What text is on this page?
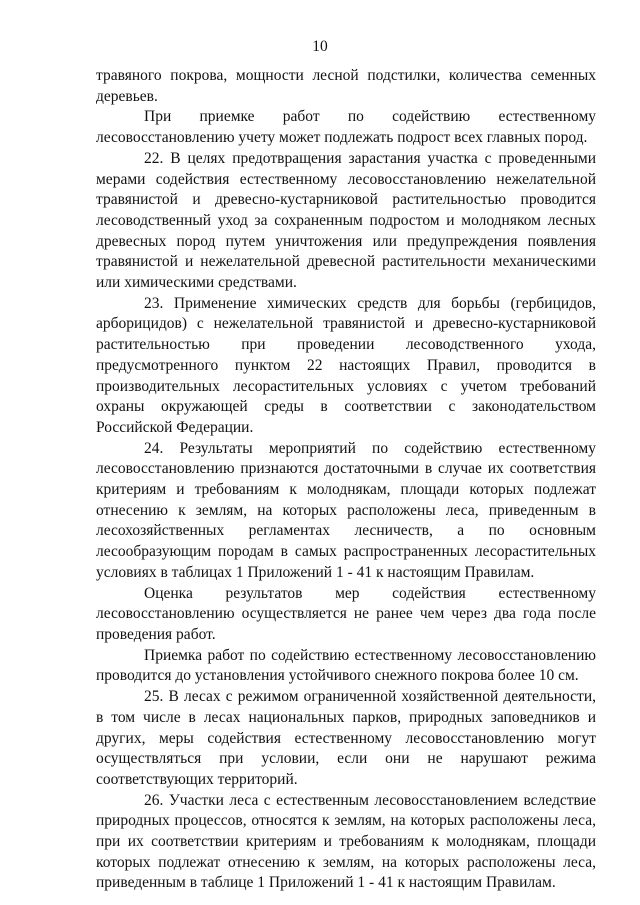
10

травяного покрова, мощности лесной подстилки, количества семенных деревьев.

При приемке работ по содействию естественному лесовосстановлению учету может подлежать подрост всех главных пород.

22. В целях предотвращения зарастания участка с проведенными мерами содействия естественному лесовосстановлению нежелательной травянистой и древесно-кустарниковой растительностью проводится лесоводственный уход за сохраненным подростом и молодняком лесных древесных пород путем уничтожения или предупреждения появления травянистой и нежелательной древесной растительности механическими или химическими средствами.

23. Применение химических средств для борьбы (гербицидов, арборицидов) с нежелательной травянистой и древесно-кустарниковой растительностью при проведении лесоводственного ухода, предусмотренного пунктом 22 настоящих Правил, проводится в производительных лесорастительных условиях с учетом требований охраны окружающей среды в соответствии с законодательством Российской Федерации.

24. Результаты мероприятий по содействию естественному лесовосстановлению признаются достаточными в случае их соответствия критериям и требованиям к молоднякам, площади которых подлежат отнесению к землям, на которых расположены леса, приведенным в лесохозяйственных регламентах лесничеств, а по основным лесообразующим породам в самых распространенных лесорастительных условиях в таблицах 1 Приложений 1 - 41 к настоящим Правилам.

Оценка результатов мер содействия естественному лесовосстановлению осуществляется не ранее чем через два года после проведения работ.

Приемка работ по содействию естественному лесовосстановлению проводится до установления устойчивого снежного покрова более 10 см.

25. В лесах с режимом ограниченной хозяйственной деятельности, в том числе в лесах национальных парков, природных заповедников и других, меры содействия естественному лесовосстановлению могут осуществляться при условии, если они не нарушают режима соответствующих территорий.

26. Участки леса с естественным лесовосстановлением вследствие природных процессов, относятся к землям, на которых расположены леса, при их соответствии критериям и требованиям к молоднякам, площади которых подлежат отнесению к землям, на которых расположены леса, приведенным в таблице 1 Приложений 1 - 41 к настоящим Правилам.
